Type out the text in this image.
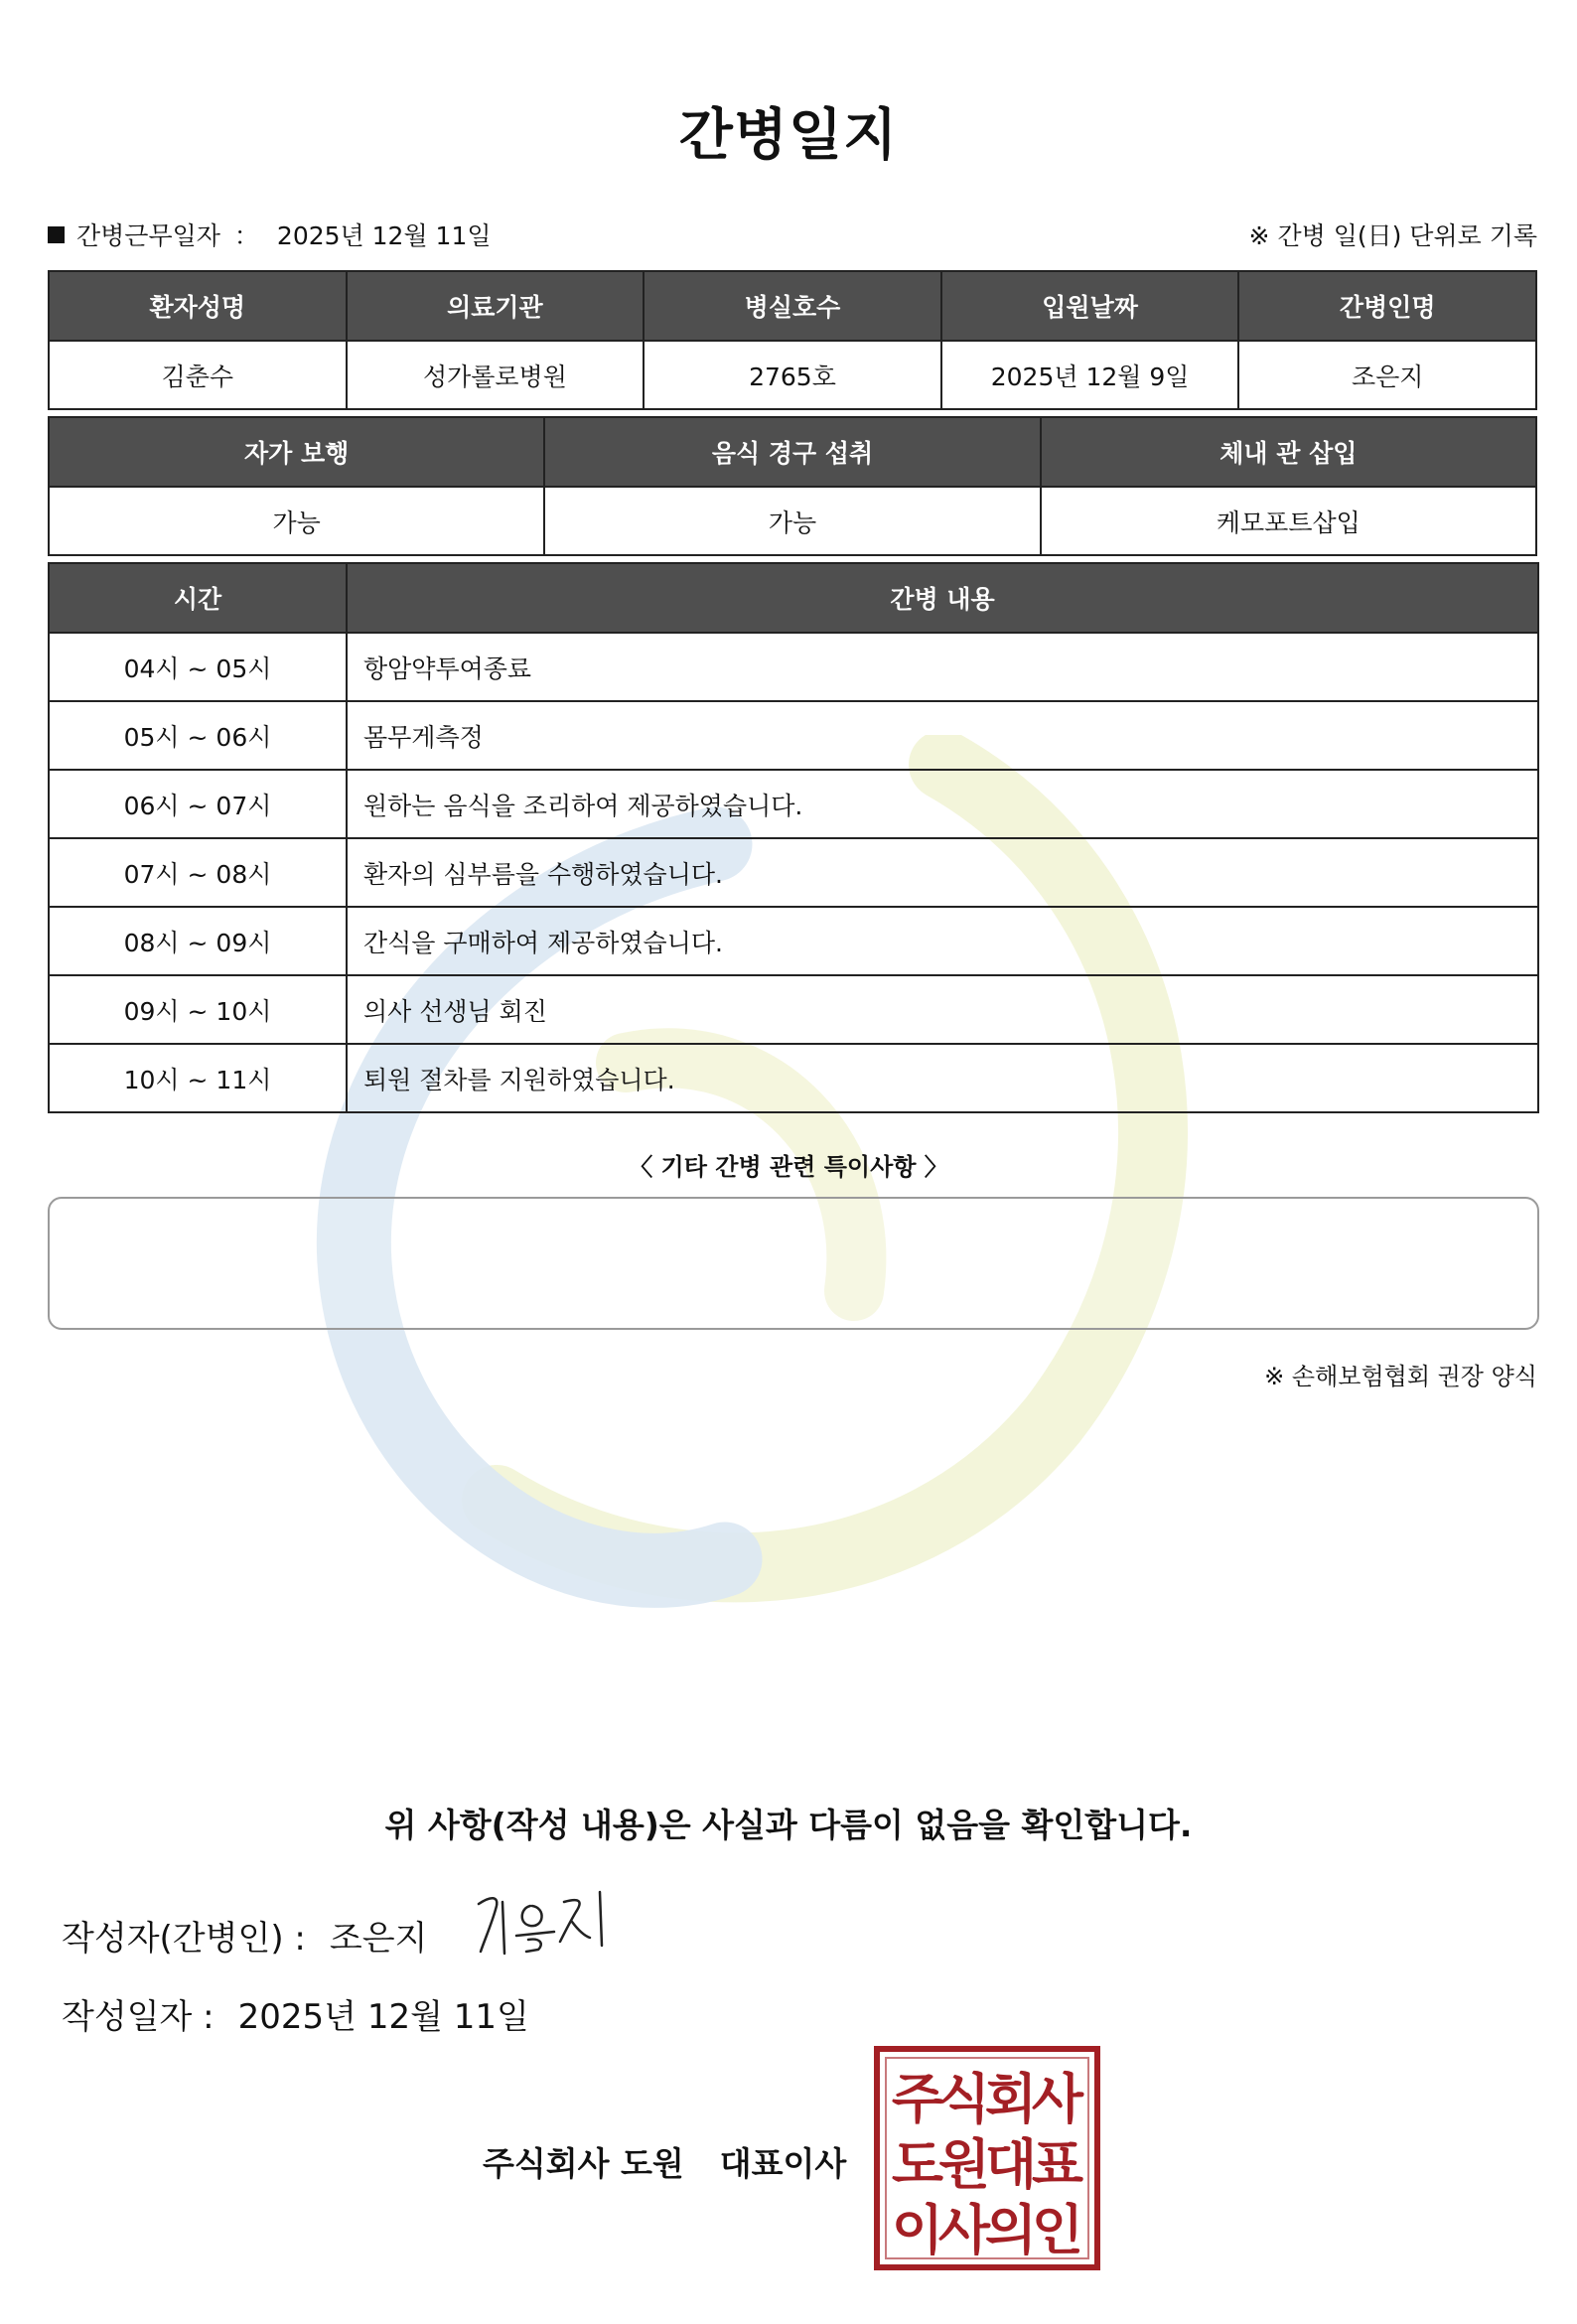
간병일지
간병근무일자 ： 2025년 12월 11일	※ 간병 일(日) 단위로 기록
환자성명	의료기관	병실호수	입원날짜	간병인명
김춘수	성가롤로병원	2765호	2025년 12월 9일	조은지
자가 보행	음식 경구 섭취	체내 관 삽입
가능	가능	케모포트삽입
시간	간병 내용
04시 ~ 05시	항암약투여종료
05시 ~ 06시	몸무게측정
06시 ~ 07시	원하는 음식을 조리하여 제공하였습니다.
07시 ~ 08시	환자의 심부름을 수행하였습니다.
08시 ~ 09시	간식을 구매하여 제공하였습니다.
09시 ~ 10시	의사 선생님 회진
10시 ~ 11시	퇴원 절차를 지원하였습니다.
〈 기타 간병 관련 특이사항 〉
※ 손해보험협회 권장 양식
위 사항(작성 내용)은 사실과 다름이 없음을 확인합니다.
작성자(간병인) : 조은지
작성일자 : 2025년 12월 11일
주식회사 도원 대표이사
주
식
회
사
도
원
대
표
이
사
의
인
